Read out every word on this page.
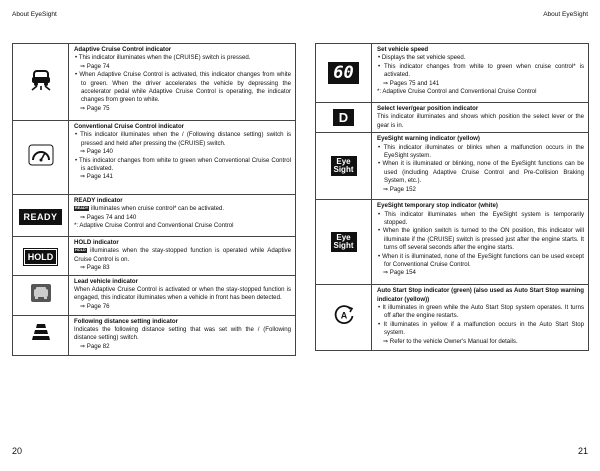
About EyeSight	About EyeSight

Adaptive Cruise Control indicator
• This indicator illuminates when the (CRUISE) switch is pressed.
⇒ Page 74
• When Adaptive Cruise Control is activated, this indicator changes from white to green. When the driver accelerates the vehicle by depressing the accelerator pedal while Adaptive Cruise Control is operating, the indicator changes from green to white.
⇒ Page 75

Conventional Cruise Control indicator
• This indicator illuminates when the / (Following distance setting) switch is pressed and held after pressing the (CRUISE) switch.
⇒ Page 140
• This indicator changes from white to green when Conventional Cruise Control is activated.
⇒ Page 141

READY	READY indicator
READY illuminates when cruise control* can be activated.
⇒ Pages 74 and 140
*: Adaptive Cruise Control and Conventional Cruise Control

HOLD	HOLD indicator
HOLD illuminates when the stay-stopped function is operated while Adaptive Cruise Control is on.
⇒ Page 83

Lead vehicle indicator
When Adaptive Cruise Control is activated or when the stay-stopped function is engaged, this indicator illuminates when a vehicle in front has been detected.
⇒ Page 76

Following distance setting indicator
Indicates the following distance setting that was set with the / (Following distance setting) switch.
⇒ Page 82
60	Set vehicle speed
• Displays the set vehicle speed.
• This indicator changes from white to green when cruise control* is activated.
⇒ Pages 75 and 141
*: Adaptive Cruise Control and Conventional Cruise Control

D	Select lever/gear position indicator
This indicator illuminates and shows which position the select lever or the gear is in.

Eye
Sight	EyeSight warning indicator (yellow)
• This indicator illuminates or blinks when a malfunction occurs in the EyeSight system.
• When it is illuminated or blinking, none of the EyeSight functions can be used (including Adaptive Cruise Control and Pre-Collision Braking System, etc.).
⇒ Page 152

Eye
Sight	EyeSight temporary stop indicator (white)
• This indicator illuminates when the EyeSight system is temporarily stopped.
• When the ignition switch is turned to the ON position, this indicator will illuminate if the (CRUISE) switch is pressed just after the engine starts. It turns off several seconds after the engine starts.
• When it is illuminated, none of the EyeSight functions can be used except for Conventional Cruise Control.
⇒ Page 154

A	Auto Start Stop indicator (green) (also used as Auto Start Stop warning indicator (yellow))
• It illuminates in green while the Auto Start Stop system operates. It turns off after the engine restarts.
• It illuminates in yellow if a malfunction occurs in the Auto Start Stop system.
⇒ Refer to the vehicle Owner's Manual for details.
20	21
